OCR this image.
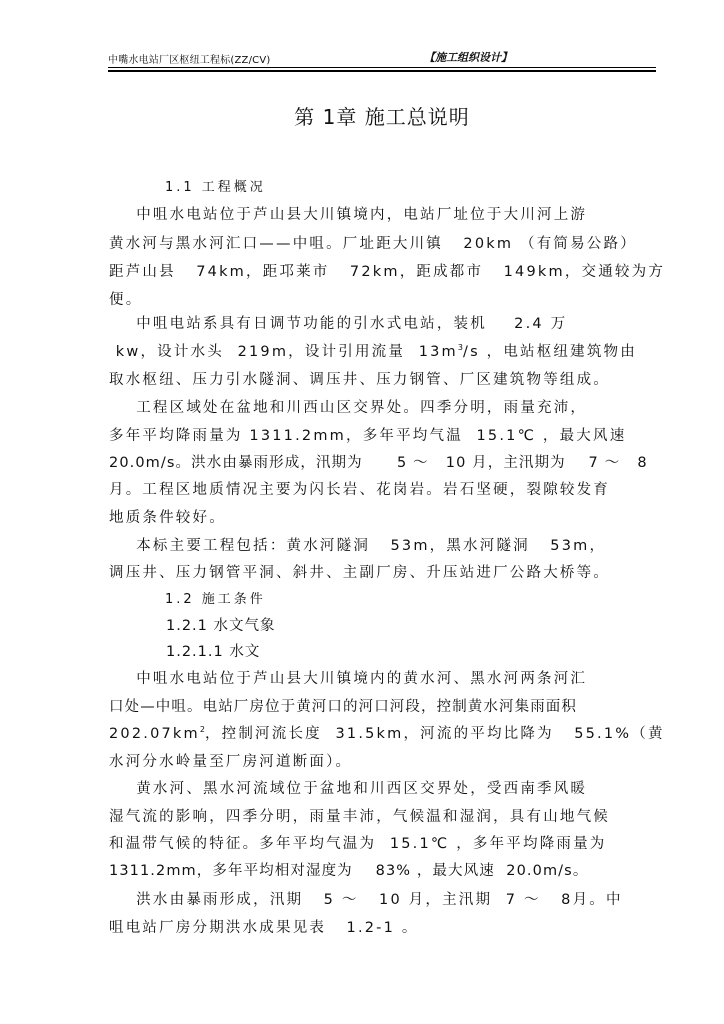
中嘴水电站厂区枢纽工程标(ZZ/CV)	【施工组织设计】
第 1章 施工总说明
1.1 工程概况
中咀水电站位于芦山县大川镇境内，电站厂址位于大川河上游
黄水河与黑水河汇口——中咀。厂址距大川镇   20km （有简易公路）
距芦山县   74km，距邛莱市   72km，距成都市   149km，交通较为方
便。
中咀电站系具有日调节功能的引水式电站，装机    2.4 万
kw，设计水头  219m，设计引用流量  $13m^3/s$ ，电站枢纽建筑物由
取水枢纽、压力引水隧洞、调压井、压力钢管、厂区建筑物等组成。
工程区域处在盆地和川西山区交界处。四季分明，雨量充沛，
多年平均降雨量为 1311.2mm，多年平均气温  15.1℃ ，最大风速
20.0m/s。洪水由暴雨形成，汛期为      5 ～   10 月，主汛期为    7 ～   8
月。工程区地质情况主要为闪长岩、花岗岩。岩石坚硬，裂隙较发育
地质条件较好。
本标主要工程包括：黄水河隧洞   53m，黑水河隧洞   53m，
调压井、压力钢管平洞、斜井、主副厂房、升压站进厂公路大桥等。
1.2 施工条件
1.2.1 水文气象
1.2.1.1 水文
中咀水电站位于芦山县大川镇境内的黄水河、黑水河两条河汇
口处—中咀。电站厂房位于黄河口的河口河段，控制黄水河集雨面积
$202.07km^2$，控制河流长度  31.5km，河流的平均比降为   55.1%（黄
水河分水岭量至厂房河道断面）。
黄水河、黑水河流域位于盆地和川西区交界处，受西南季风暖
湿气流的影响，四季分明，雨量丰沛，气候温和湿润，具有山地气候
和温带气候的特征。多年平均气温为  15.1℃ ，多年平均降雨量为
1311.2mm，多年平均相对湿度为    83% ，最大风速  20.0m/s。
洪水由暴雨形成，汛期   5 ～   10 月，主汛期  7 ～   8月。中
咀电站厂房分期洪水成果见表   1.2-1 。
